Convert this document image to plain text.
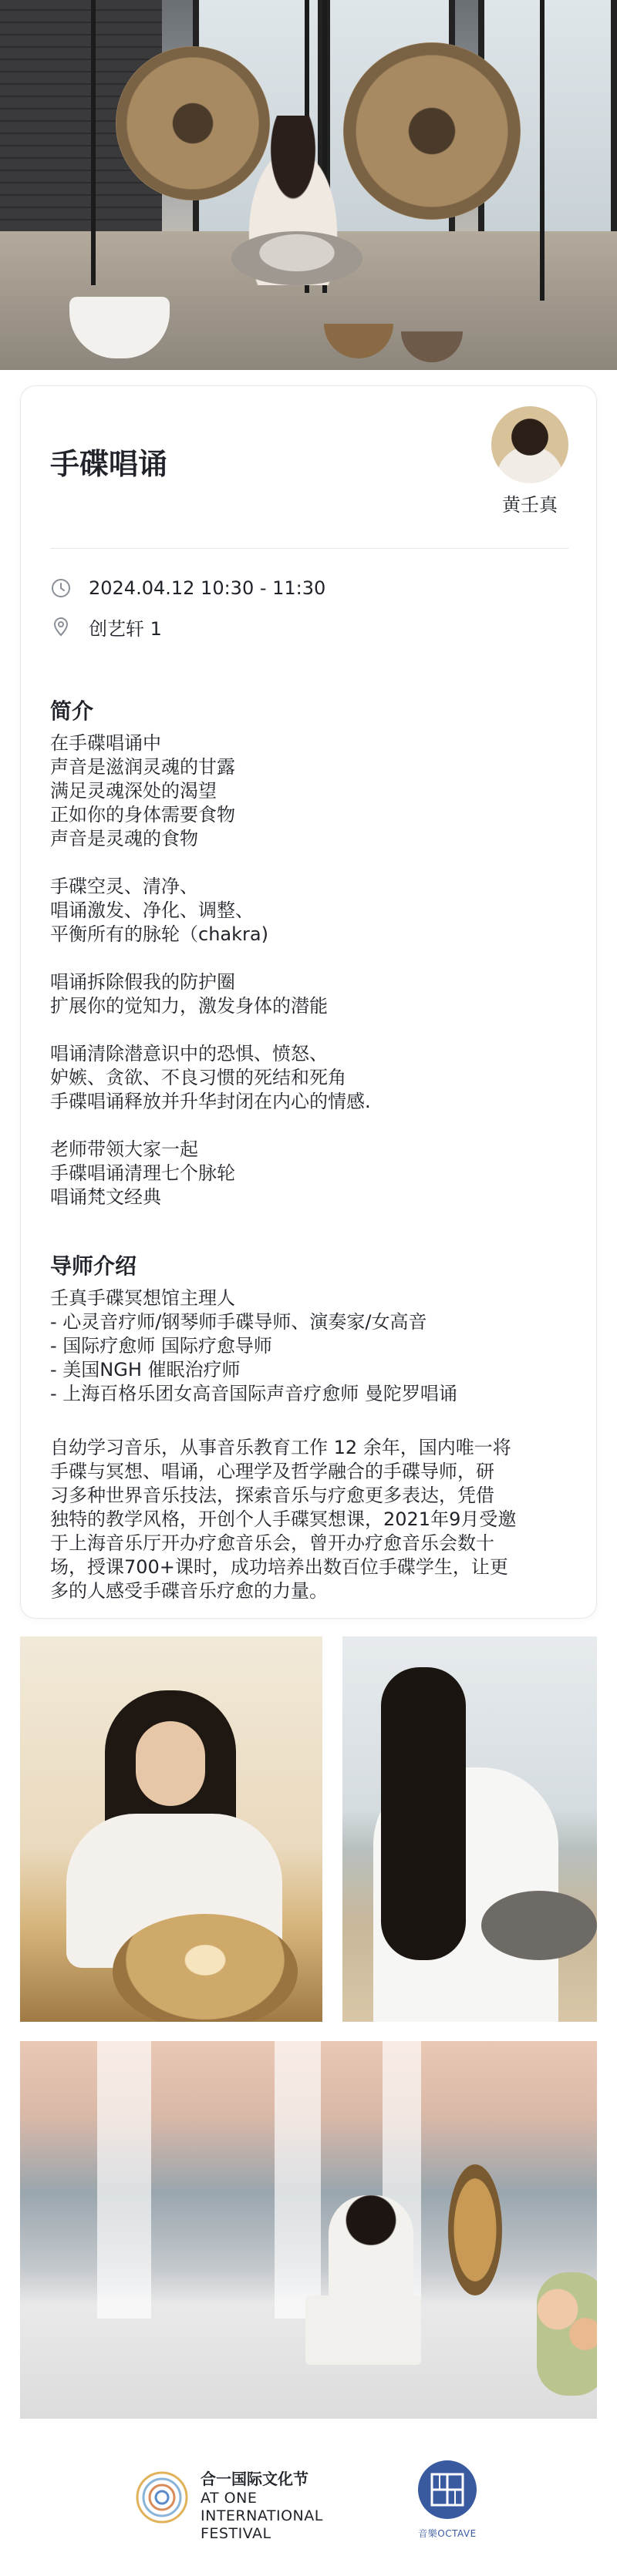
手碟唱诵
黄壬真
2024.04.12 10:30 - 11:30
创艺轩 1
简介
在手碟唱诵中
声音是滋润灵魂的甘露
满足灵魂深处的渴望
正如你的身体需要食物
声音是灵魂的食物
手碟空灵、清净、
唱诵激发、净化、调整、
平衡所有的脉轮（chakra)
唱诵拆除假我的防护圈
扩展你的觉知力，激发身体的潜能
唱诵清除潜意识中的恐惧、愤怒、
妒嫉、贪欲、不良习惯的死结和死角
手碟唱诵释放并升华封闭在内心的情感.
老师带领大家一起
手碟唱诵清理七个脉轮
唱诵梵文经典
导师介绍
壬真手碟冥想馆主理人
- 心灵音疗师/钢琴师手碟导师、演奏家/女高音
- 国际疗愈师 国际疗愈导师
- 美国NGH 催眠治疗师
- 上海百格乐团女高音国际声音疗愈师 曼陀罗唱诵
自幼学习音乐，从事音乐教育工作 12 余年，国内唯一将
手碟与冥想、唱诵，心理学及哲学融合的手碟导师，研
习多种世界音乐技法，探索音乐与疗愈更多表达，凭借
独特的教学风格，开创个人手碟冥想课，2021年9月受邀
于上海音乐厅开办疗愈音乐会，曾开办疗愈音乐会数十
场，授课700+课时，成功培养出数百位手碟学生，让更
多的人感受手碟音乐疗愈的力量。
合一国际文化节
AT ONE
INTERNATIONAL
FESTIVAL	音樂OCTAVE
